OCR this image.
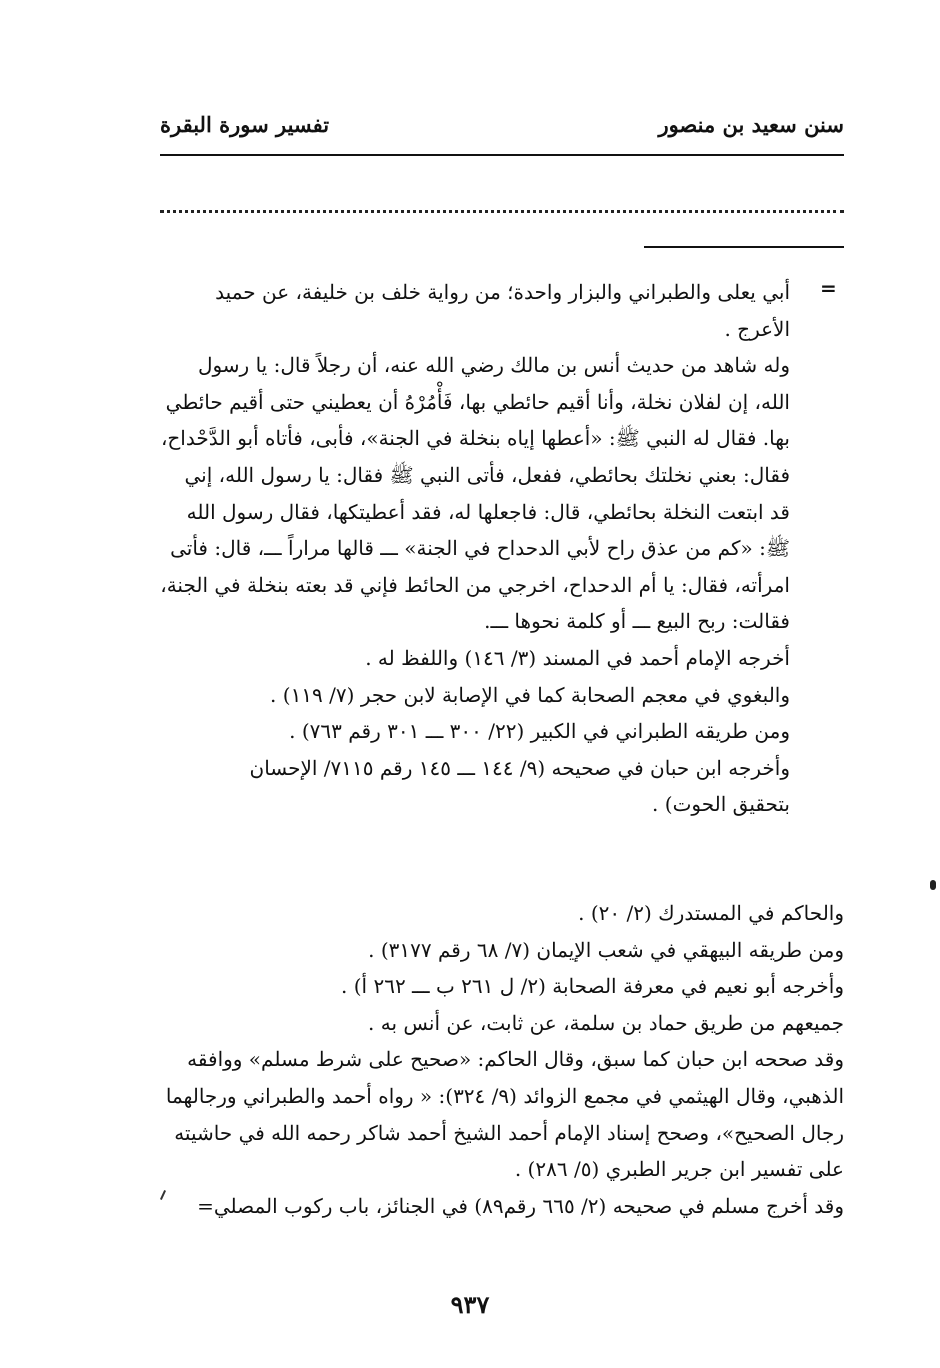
سنن سعيد بن منصور
تفسير سورة البقرة
=

أبي يعلى والطبراني والبزار واحدة؛ من رواية خلف بن خليفة، عن حميد

الأعرج .

وله شاهد من حديث أنس بن مالك رضي الله عنه، أن رجلاً قال: يا رسول

الله، إن لفلان نخلة، وأنا أقيم حائطي بها، فَأْمُرْهُ أن يعطيني حتى أقيم حائطي

بها. فقال له النبي ﷺ: «أعطها إياه بنخلة في الجنة»، فأبى، فأتاه أبو الدَّحْداح،

فقال: بعني نخلتك بحائطي، ففعل، فأتى النبي ﷺ فقال: يا رسول الله، إني

قد ابتعت النخلة بحائطي، قال: فاجعلها له، فقد أعطيتكها، فقال رسول الله

ﷺ: «كم من عذق راح لأبي الدحداح في الجنة» ـــ قالها مراراً ـــ، قال: فأتى

امرأته، فقال: يا أم الدحداح، اخرجي من الحائط فإني قد بعته بنخلة في الجنة،

فقالت: ربح البيع ـــ أو كلمة نحوها ـــ.

أخرجه الإمام أحمد في المسند (٣/ ١٤٦) واللفظ له .

والبغوي في معجم الصحابة كما في الإصابة لابن حجر (٧/ ١١٩) .

ومن طريقه الطبراني في الكبير (٢٢/ ٣٠٠ ـــ ٣٠١ رقم ٧٦٣) .

وأخرجه ابن حبان في صحيحه (٩/ ١٤٤ ـــ ١٤٥ رقم ٧١١٥/ الإحسان

بتحقيق الحوت) .

والحاكم في المستدرك (٢/ ٢٠) .

ومن طريقه البيهقي في شعب الإيمان (٧/ ٦٨ رقم ٣١٧٧) .

وأخرجه أبو نعيم في معرفة الصحابة (٢/ ل ٢٦١ ب ـــ ٢٦٢ أ) .

جميعهم من طريق حماد بن سلمة، عن ثابت، عن أنس به .

وقد صححه ابن حبان كما سبق، وقال الحاكم: «صحيح على شرط مسلم» ووافقه

الذهبي، وقال الهيثمي في مجمع الزوائد (٩/ ٣٢٤): « رواه أحمد والطبراني ورجالهما

رجال الصحيح»، وصحح إسناد الإمام أحمد الشيخ أحمد شاكر رحمه الله في حاشيته

على تفسير ابن جرير الطبري (٥/ ٢٨٦) .

وقد أخرج مسلم في صحيحه (٢/ ٦٦٥ رقم٨٩) في الجنائز، باب ركوب المصلي=

٩٣٧
